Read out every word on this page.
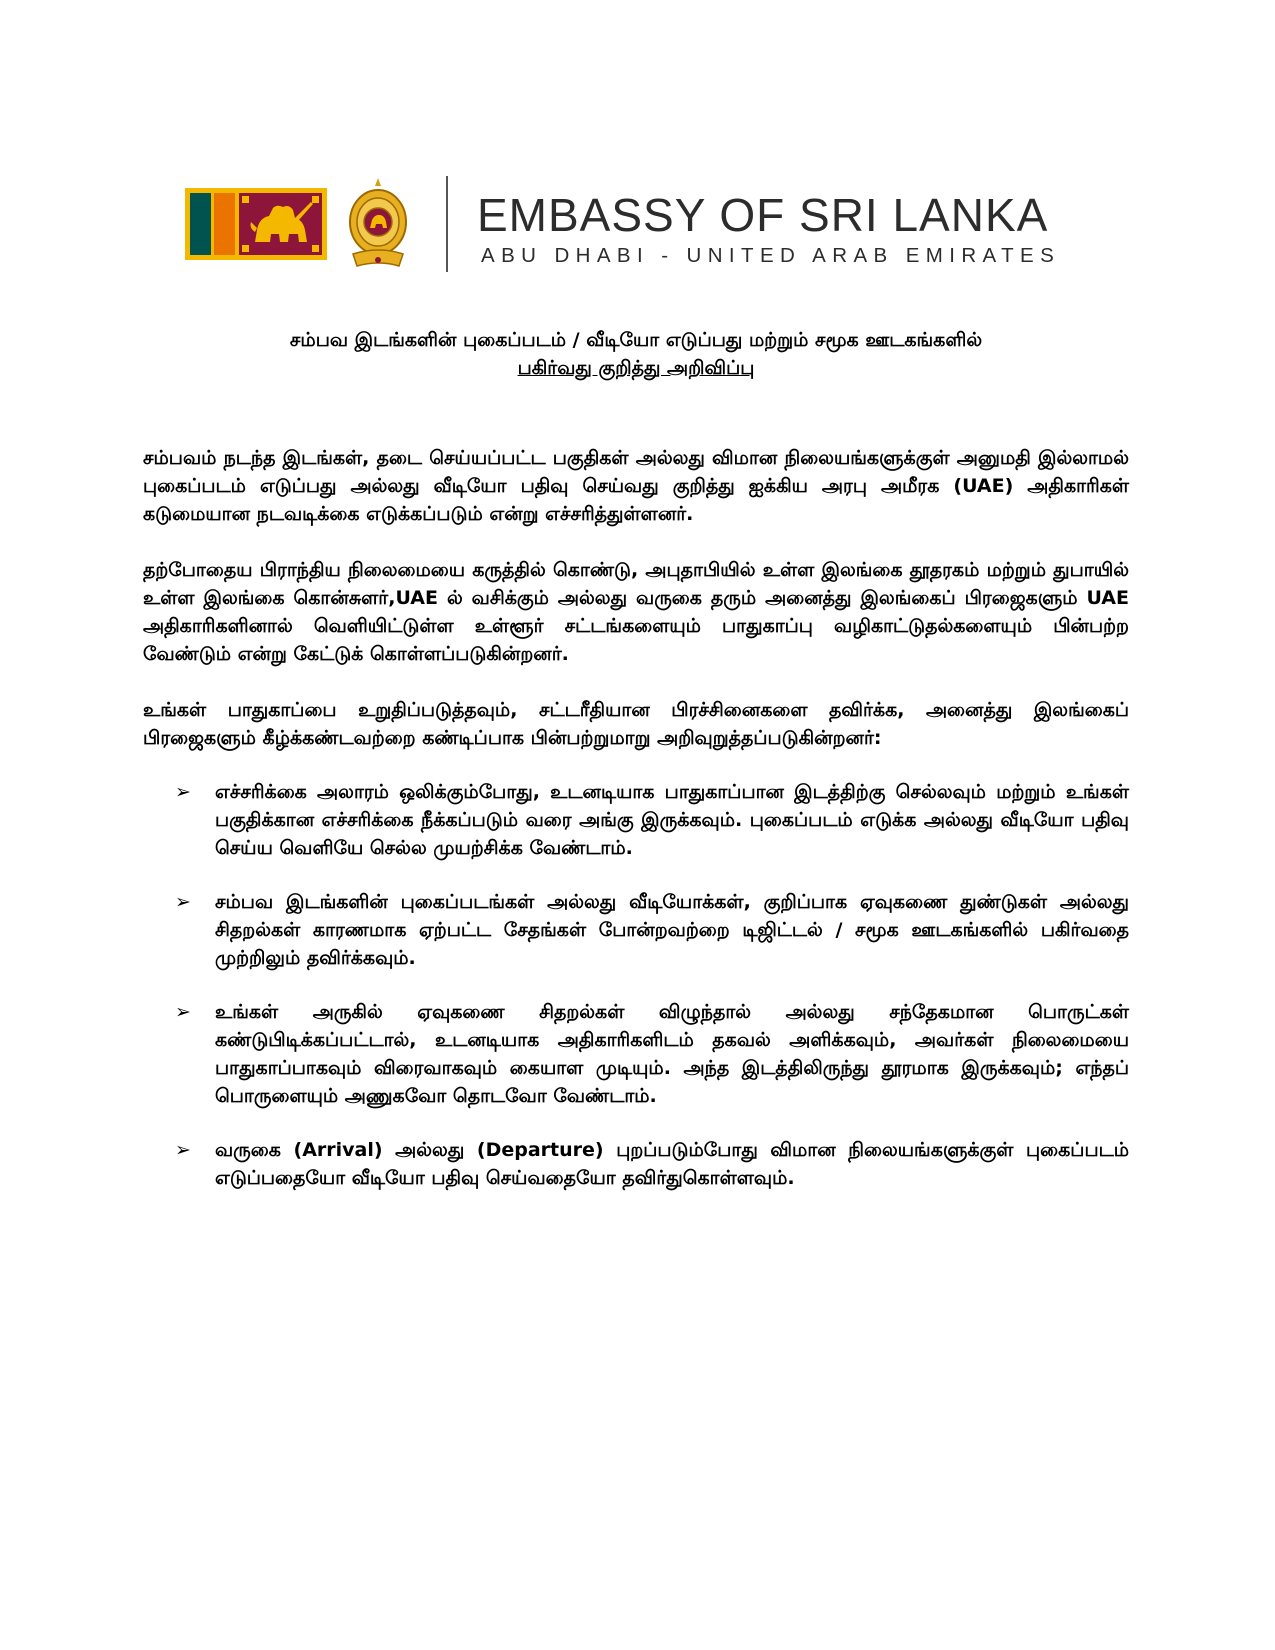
EMBASSY OF SRI LANKA
ABU DHABI - UNITED ARAB EMIRATES
சம்பவ இடங்களின் புகைப்படம் / வீடியோ எடுப்பது மற்றும் சமூக ஊடகங்களில்
பகிர்வது குறித்து அறிவிப்பு

சம்பவம் நடந்த இடங்கள், தடை செய்யப்பட்ட பகுதிகள் அல்லது விமான நிலையங்களுக்குள் அனுமதி இல்லாமல் புகைப்படம் எடுப்பது அல்லது வீடியோ பதிவு செய்வது குறித்து ஐக்கிய அரபு அமீரக (UAE) அதிகாரிகள் கடுமையான நடவடிக்கை எடுக்கப்படும் என்று எச்சரித்துள்ளனர்.

தற்போதைய பிராந்திய நிலைமையை கருத்தில் கொண்டு, அபுதாபியில் உள்ள இலங்கை தூதரகம் மற்றும் துபாயில் உள்ள இலங்கை கொன்சுளர்,UAE ல் வசிக்கும் அல்லது வருகை தரும் அனைத்து இலங்கைப் பிரஜைகளும் UAE அதிகாரிகளினால் வெளியிட்டுள்ள உள்ளூர் சட்டங்களையும் பாதுகாப்பு வழிகாட்டுதல்களையும் பின்பற்ற வேண்டும் என்று கேட்டுக் கொள்ளப்படுகின்றனர்.

உங்கள் பாதுகாப்பை உறுதிப்படுத்தவும், சட்டரீதியான பிரச்சினைகளை தவிர்க்க, அனைத்து இலங்கைப் பிரஜைகளும் கீழ்க்கண்டவற்றை கண்டிப்பாக பின்பற்றுமாறு அறிவுறுத்தப்படுகின்றனர்:

➢ எச்சரிக்கை அலாரம் ஒலிக்கும்போது, உடனடியாக பாதுகாப்பான இடத்திற்கு செல்லவும் மற்றும் உங்கள் பகுதிக்கான எச்சரிக்கை நீக்கப்படும் வரை அங்கு இருக்கவும். புகைப்படம் எடுக்க அல்லது வீடியோ பதிவு செய்ய வெளியே செல்ல முயற்சிக்க வேண்டாம்.
➢ சம்பவ இடங்களின் புகைப்படங்கள் அல்லது வீடியோக்கள், குறிப்பாக ஏவுகணை துண்டுகள் அல்லது சிதறல்கள் காரணமாக ஏற்பட்ட சேதங்கள் போன்றவற்றை டிஜிட்டல் / சமூக ஊடகங்களில் பகிர்வதை முற்றிலும் தவிர்க்கவும்.
➢ உங்கள் அருகில் ஏவுகணை சிதறல்கள் விழுந்தால் அல்லது சந்தேகமான பொருட்கள் கண்டுபிடிக்கப்பட்டால், உடனடியாக அதிகாரிகளிடம் தகவல் அளிக்கவும், அவர்கள் நிலைமையை பாதுகாப்பாகவும் விரைவாகவும் கையாள முடியும். அந்த இடத்திலிருந்து தூரமாக இருக்கவும்; எந்தப் பொருளையும் அணுகவோ தொடவோ வேண்டாம்.
➢ வருகை (Arrival) அல்லது (Departure) புறப்படும்போது விமான நிலையங்களுக்குள் புகைப்படம் எடுப்பதையோ வீடியோ பதிவு செய்வதையோ தவிர்துகொள்ளவும்.
